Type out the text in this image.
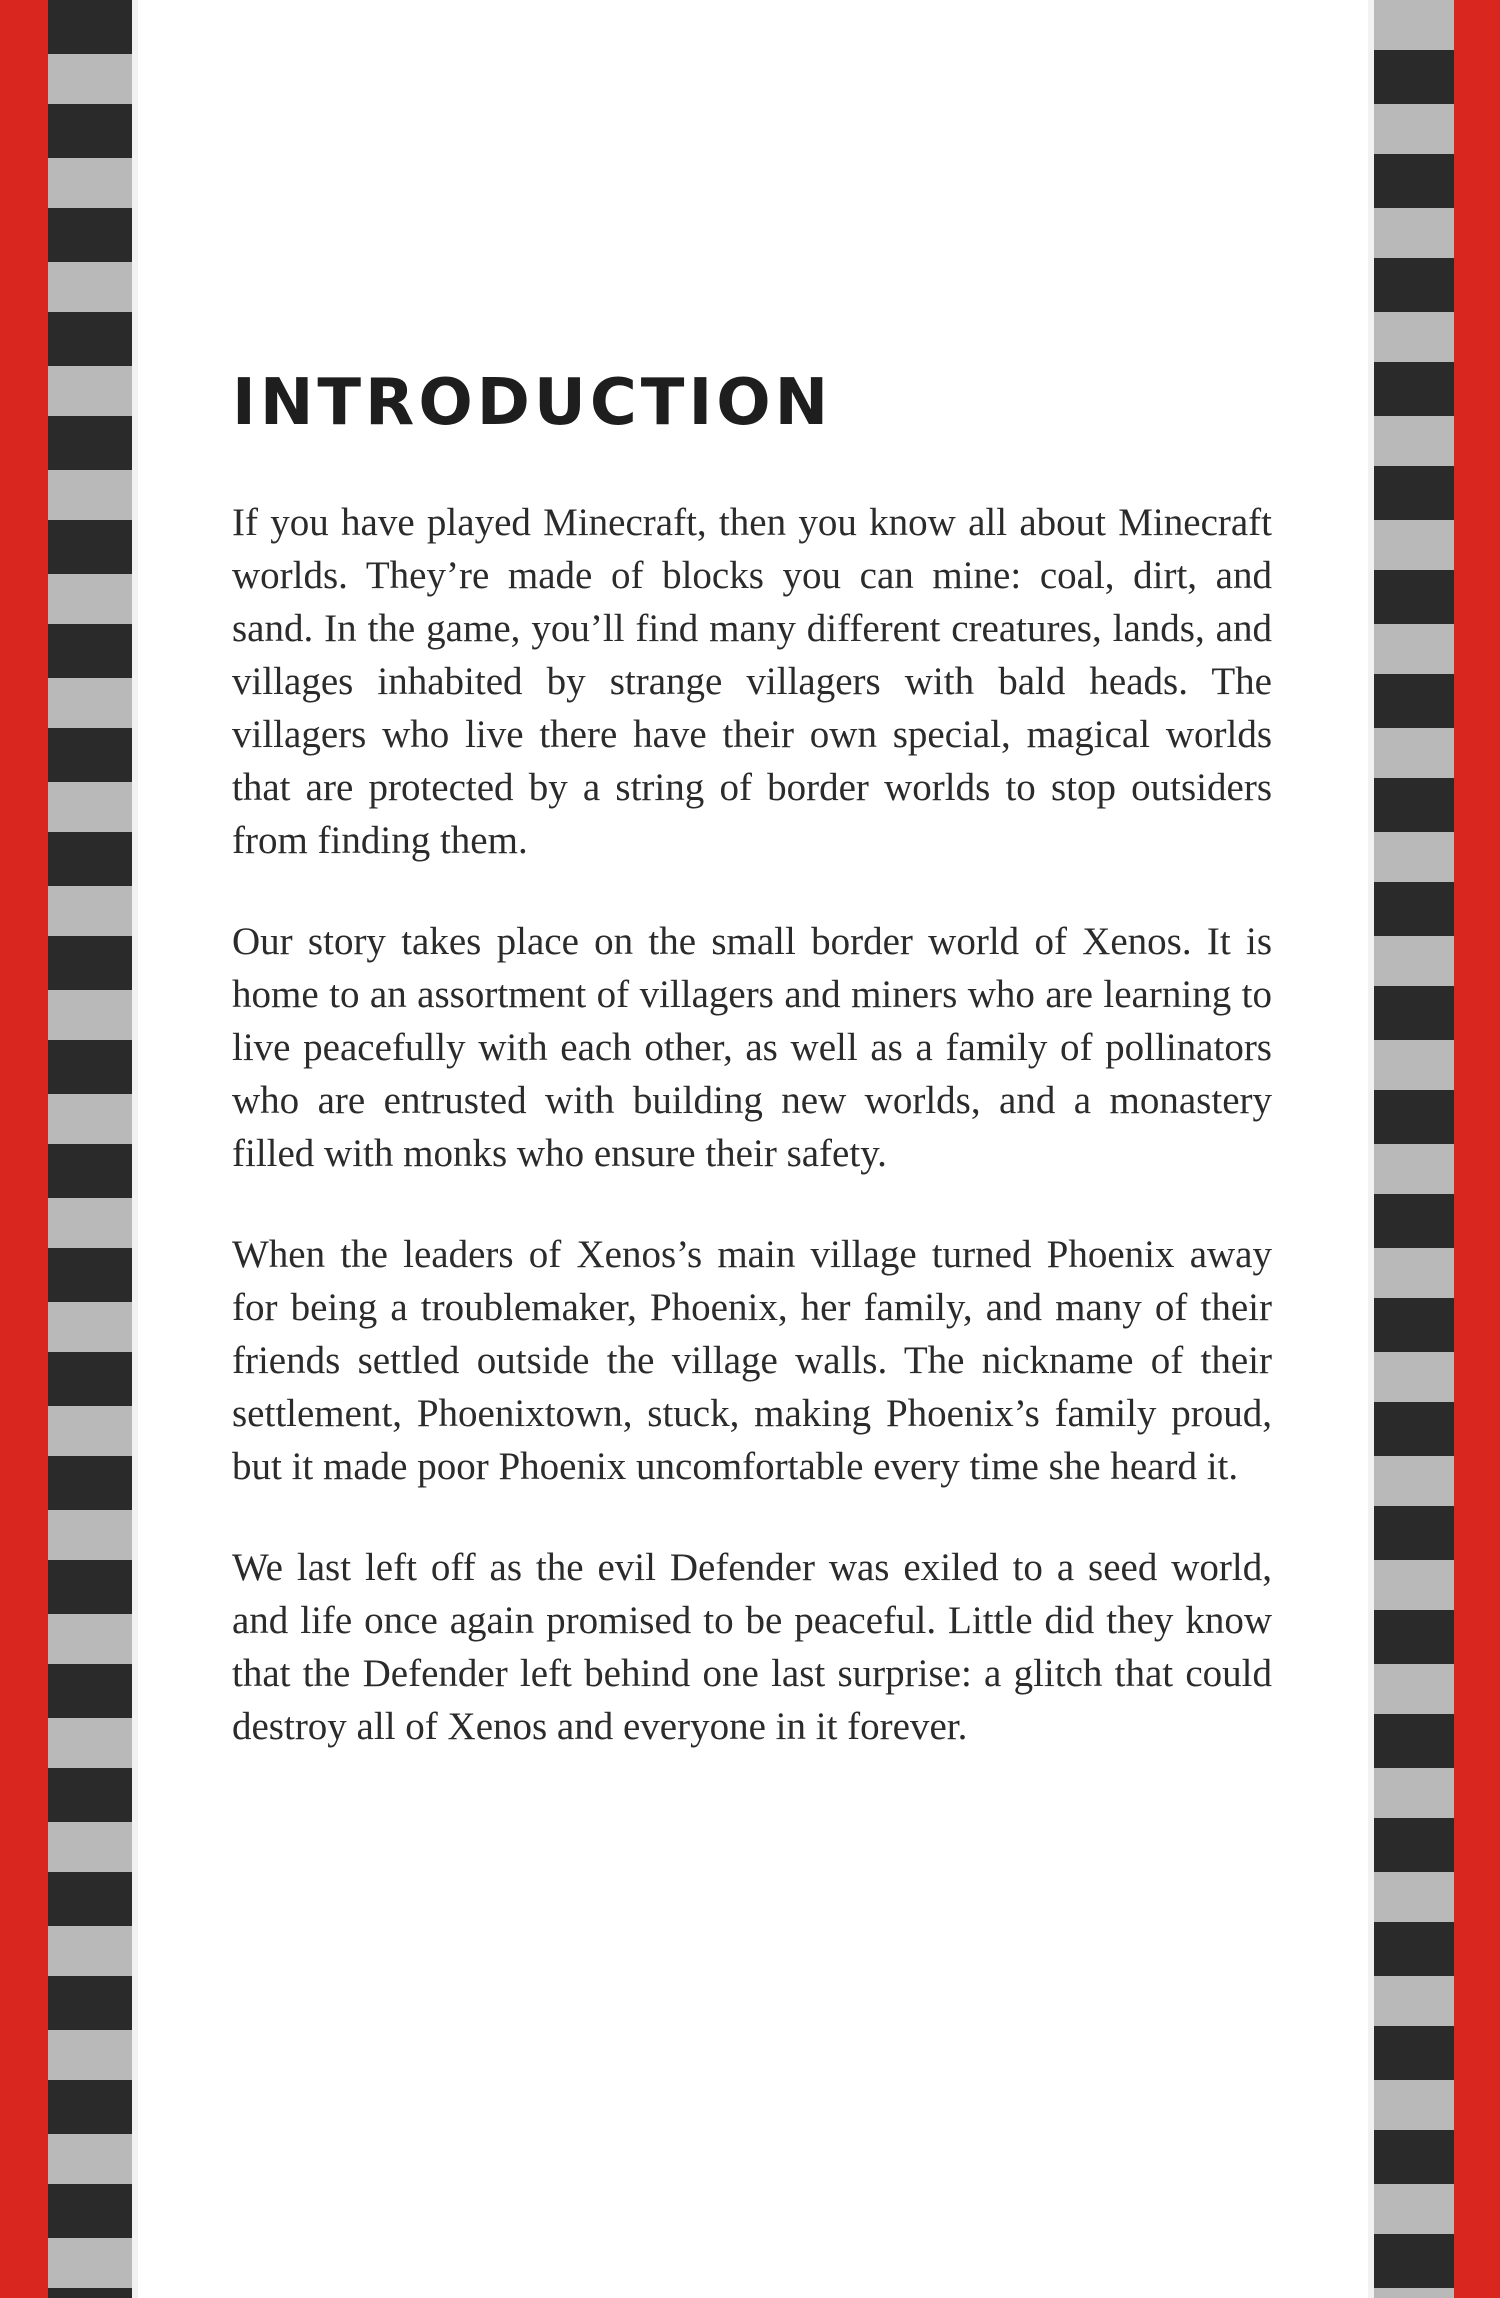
INTRODUCTION

If you have played Minecraft, then you know all about Minecraft worlds. They’re made of blocks you can mine: coal, dirt, and sand. In the game, you’ll find many different creatures, lands, and villages inhabited by strange villagers with bald heads. The villagers who live there have their own special, magical worlds that are protected by a string of border worlds to stop outsiders from finding them.

Our story takes place on the small border world of Xenos. It is home to an assortment of villagers and miners who are learning to live peacefully with each other, as well as a family of pollinators who are entrusted with building new worlds, and a monastery filled with monks who ensure their safety.

When the leaders of Xenos’s main village turned Phoenix away for being a troublemaker, Phoenix, her family, and many of their friends settled outside the village walls. The nickname of their settlement, Phoenixtown, stuck, making Phoenix’s family proud, but it made poor Phoenix uncomfortable every time she heard it.

We last left off as the evil Defender was exiled to a seed world, and life once again promised to be peaceful. Little did they know that the Defender left behind one last surprise: a glitch that could destroy all of Xenos and everyone in it forever.
